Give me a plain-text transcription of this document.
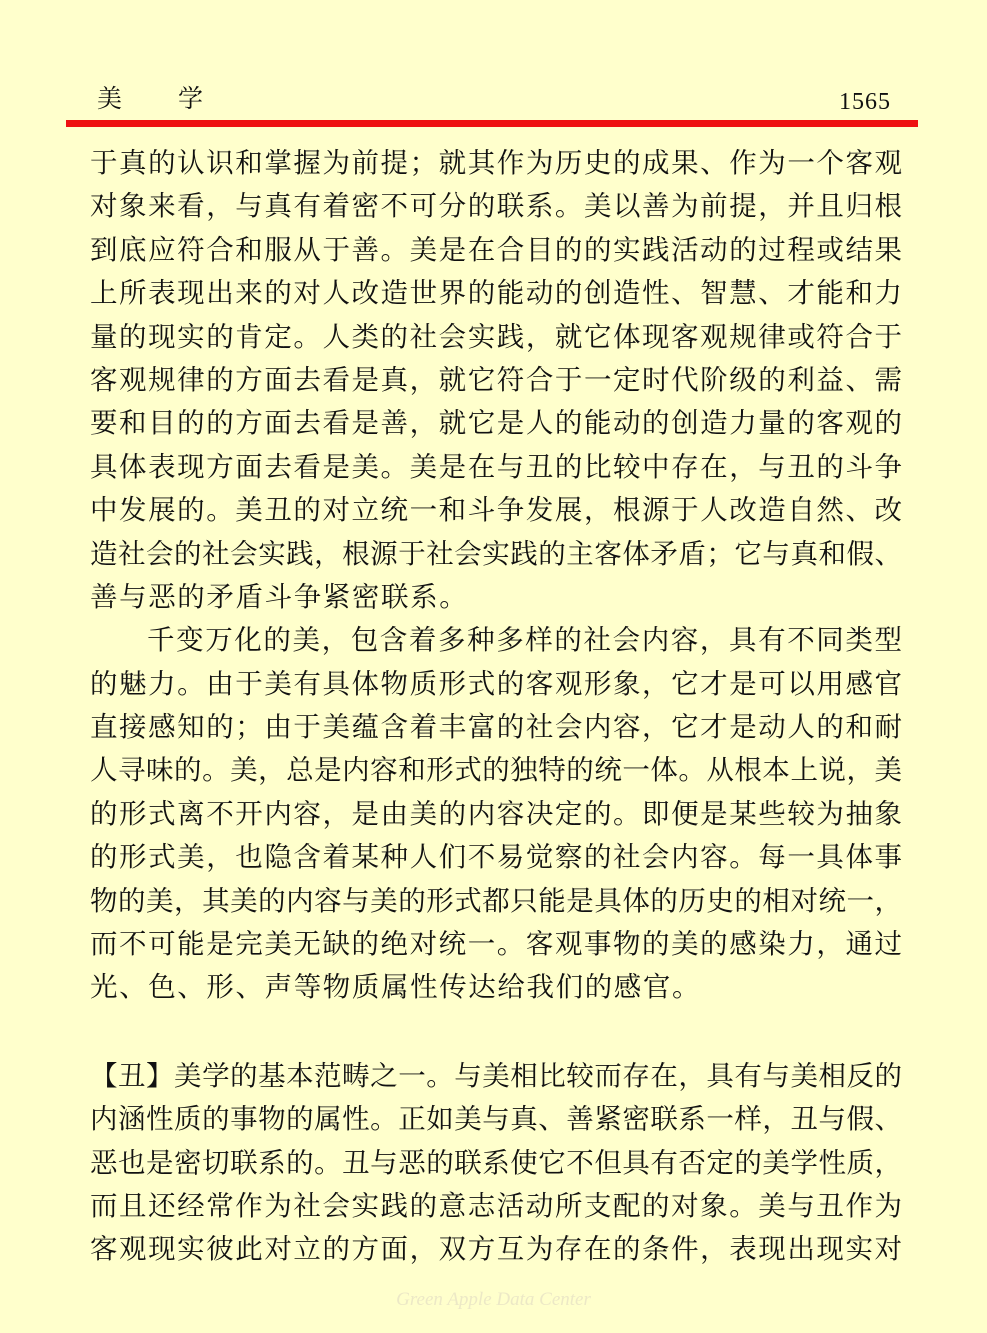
美　　学	1565
于真的认识和掌握为前提；就其作为历史的成果、作为一个客观
对象来看，与真有着密不可分的联系。美以善为前提，并且归根
到底应符合和服从于善。美是在合目的的实践活动的过程或结果
上所表现出来的对人改造世界的能动的创造性、智慧、才能和力
量的现实的肯定。人类的社会实践，就它体现客观规律或符合于
客观规律的方面去看是真，就它符合于一定时代阶级的利益、需
要和目的的方面去看是善，就它是人的能动的创造力量的客观的
具体表现方面去看是美。美是在与丑的比较中存在，与丑的斗争
中发展的。美丑的对立统一和斗争发展，根源于人改造自然、改
造社会的社会实践，根源于社会实践的主客体矛盾；它与真和假、
善与恶的矛盾斗争紧密联系。
千变万化的美，包含着多种多样的社会内容，具有不同类型
的魅力。由于美有具体物质形式的客观形象，它才是可以用感官
直接感知的；由于美蕴含着丰富的社会内容，它才是动人的和耐
人寻味的。美，总是内容和形式的独特的统一体。从根本上说，美
的形式离不开内容，是由美的内容决定的。即便是某些较为抽象
的形式美，也隐含着某种人们不易觉察的社会内容。每一具体事
物的美，其美的内容与美的形式都只能是具体的历史的相对统一，
而不可能是完美无缺的绝对统一。客观事物的美的感染力，通过
光、色、形、声等物质属性传达给我们的感官。
【丑】美学的基本范畴之一。与美相比较而存在，具有与美相反的
内涵性质的事物的属性。正如美与真、善紧密联系一样，丑与假、
恶也是密切联系的。丑与恶的联系使它不但具有否定的美学性质，
而且还经常作为社会实践的意志活动所支配的对象。美与丑作为
客观现实彼此对立的方面，双方互为存在的条件，表现出现实对
Green Apple Data Center
